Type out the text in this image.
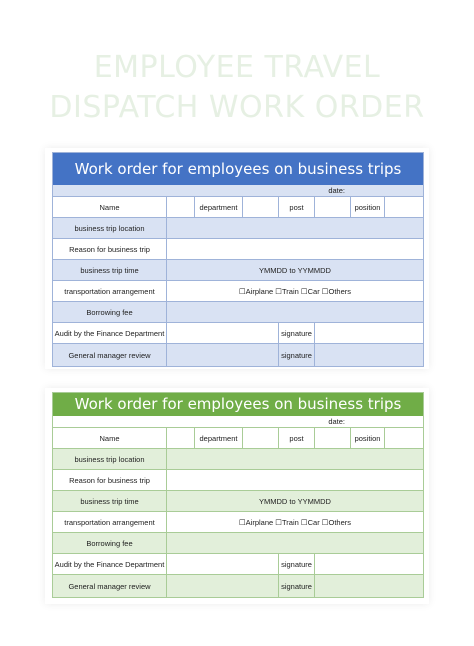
EMPLOYEE TRAVEL
DISPATCH WORK ORDER
Work order for employees on business trips
date:
Name	department	post	position
business trip location
Reason for business trip
business trip time	YMMDD to YYMMDD
transportation arrangement	☐Airplane ☐Train ☐Car ☐Others
Borrowing fee
Audit by the Finance Department	signature
General manager review	signature
Work order for employees on business trips
date:
Name	department	post	position
business trip location
Reason for business trip
business trip time	YMMDD to YYMMDD
transportation arrangement	☐Airplane ☐Train ☐Car ☐Others
Borrowing fee
Audit by the Finance Department	signature
General manager review	signature
